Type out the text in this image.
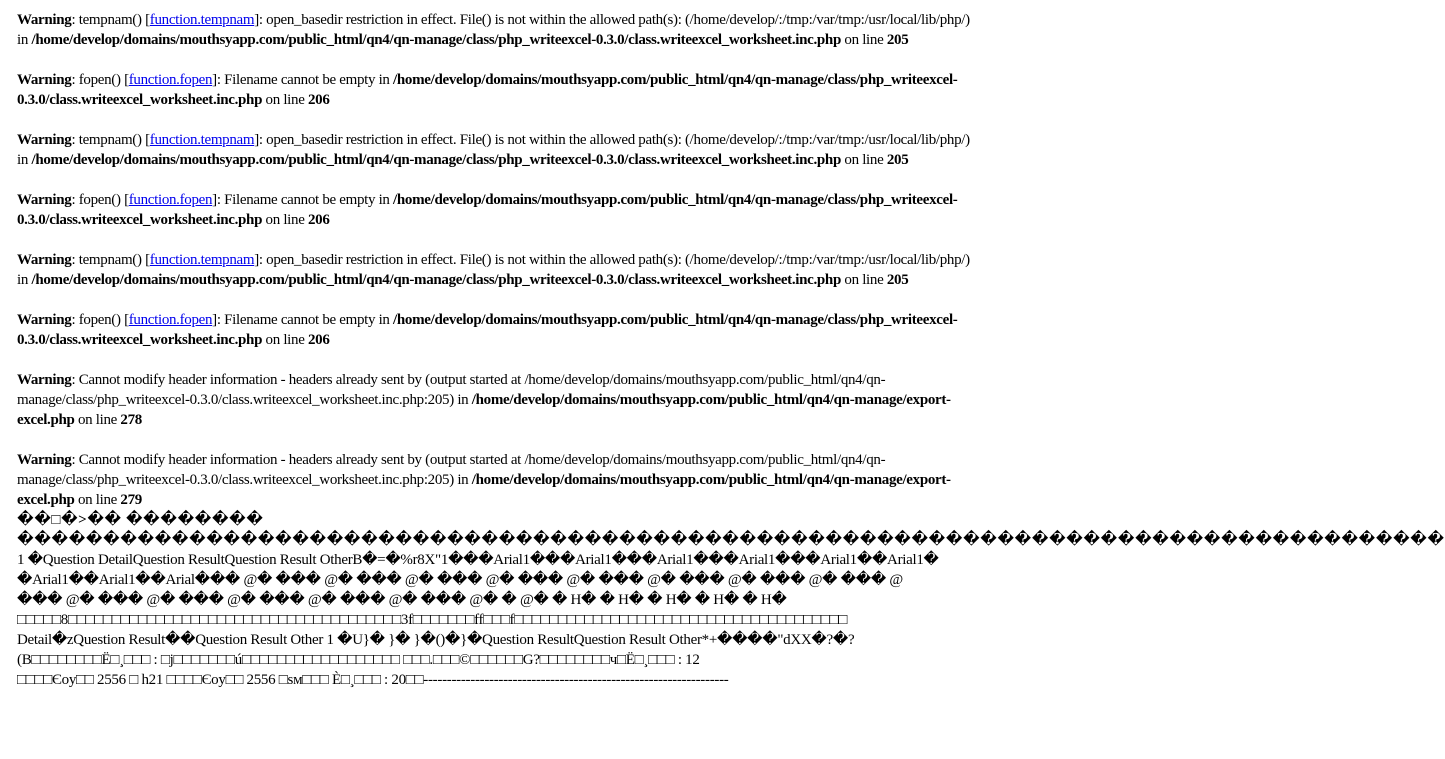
Warning: tempnam() [function.tempnam]: open_basedir restriction in effect. File() is not within the allowed path(s): (/home/develop/:/tmp:/var/tmp:/usr/local/lib/php/) in /home/develop/domains/mouthsyapp.com/public_html/qn4/qn-manage/class/php_writeexcel-0.3.0/class.writeexcel_worksheet.inc.php on line 205
Warning: fopen() [function.fopen]: Filename cannot be empty in /home/develop/domains/mouthsyapp.com/public_html/qn4/qn-manage/class/php_writeexcel-0.3.0/class.writeexcel_worksheet.inc.php on line 206
Warning: tempnam() [function.tempnam]: open_basedir restriction in effect. File() is not within the allowed path(s): (/home/develop/:/tmp:/var/tmp:/usr/local/lib/php/) in /home/develop/domains/mouthsyapp.com/public_html/qn4/qn-manage/class/php_writeexcel-0.3.0/class.writeexcel_worksheet.inc.php on line 205
Warning: fopen() [function.fopen]: Filename cannot be empty in /home/develop/domains/mouthsyapp.com/public_html/qn4/qn-manage/class/php_writeexcel-0.3.0/class.writeexcel_worksheet.inc.php on line 206
Warning: tempnam() [function.tempnam]: open_basedir restriction in effect. File() is not within the allowed path(s): (/home/develop/:/tmp:/var/tmp:/usr/local/lib/php/) in /home/develop/domains/mouthsyapp.com/public_html/qn4/qn-manage/class/php_writeexcel-0.3.0/class.writeexcel_worksheet.inc.php on line 205
Warning: fopen() [function.fopen]: Filename cannot be empty in /home/develop/domains/mouthsyapp.com/public_html/qn4/qn-manage/class/php_writeexcel-0.3.0/class.writeexcel_worksheet.inc.php on line 206
Warning: Cannot modify header information - headers already sent by (output started at /home/develop/domains/mouthsyapp.com/public_html/qn4/qn-manage/class/php_writeexcel-0.3.0/class.writeexcel_worksheet.inc.php:205) in /home/develop/domains/mouthsyapp.com/public_html/qn4/qn-manage/export-excel.php on line 278
Warning: Cannot modify header information - headers already sent by (output started at /home/develop/domains/mouthsyapp.com/public_html/qn4/qn-manage/class/php_writeexcel-0.3.0/class.writeexcel_worksheet.inc.php:205) in /home/develop/domains/mouthsyapp.com/public_html/qn4/qn-manage/export-excel.php on line 279
��□�>�� ��������
�����������������������������������������������������������������������������������
1 �Question DetailQuestion ResultQuestion Result OtherB�=�%r8X"1���Arial1���Arial1���Arial1���Arial1���Arial1��Arial1�
�Arial1��Arial1��Arial��� @� ��� @� ��� @� ��� @� ��� @� ��� @� ��� @� ��� @� ��� @
��� @� ��� @� ��� @� ��� @� ��� @� ��� @� � @� � H� � H� � H� � H� � H�
□□□□□8□□□□□□□□□□□□□□□□□□□□□□□□□□□□□□□□□□□□□□3f□□□□□□□ff□□□f□□□□□□□□□□□□□□□□□□□□□□□□□□□□□□□□□□□□□□
Detail�zQuestion Result��Question Result Other 1 �U}� }� }�()�}�Question ResultQuestion Result Other*+����"dXX�?�?
(B□□□□□□□□Ë□¸□□□ : □j□□□□□□□ú□□□□□□□□□□□□□□□□□□ □□□.□□□©□□□□□□G?□□□□□□□□ч□Ë□¸□□□ : 12
□□□□Єoy□□ 2556 □ һ21 □□□□Єoy□□ 2556 □ѕм□□□ È□¸□□□ : 20□□-----------------------------------------------------------------
